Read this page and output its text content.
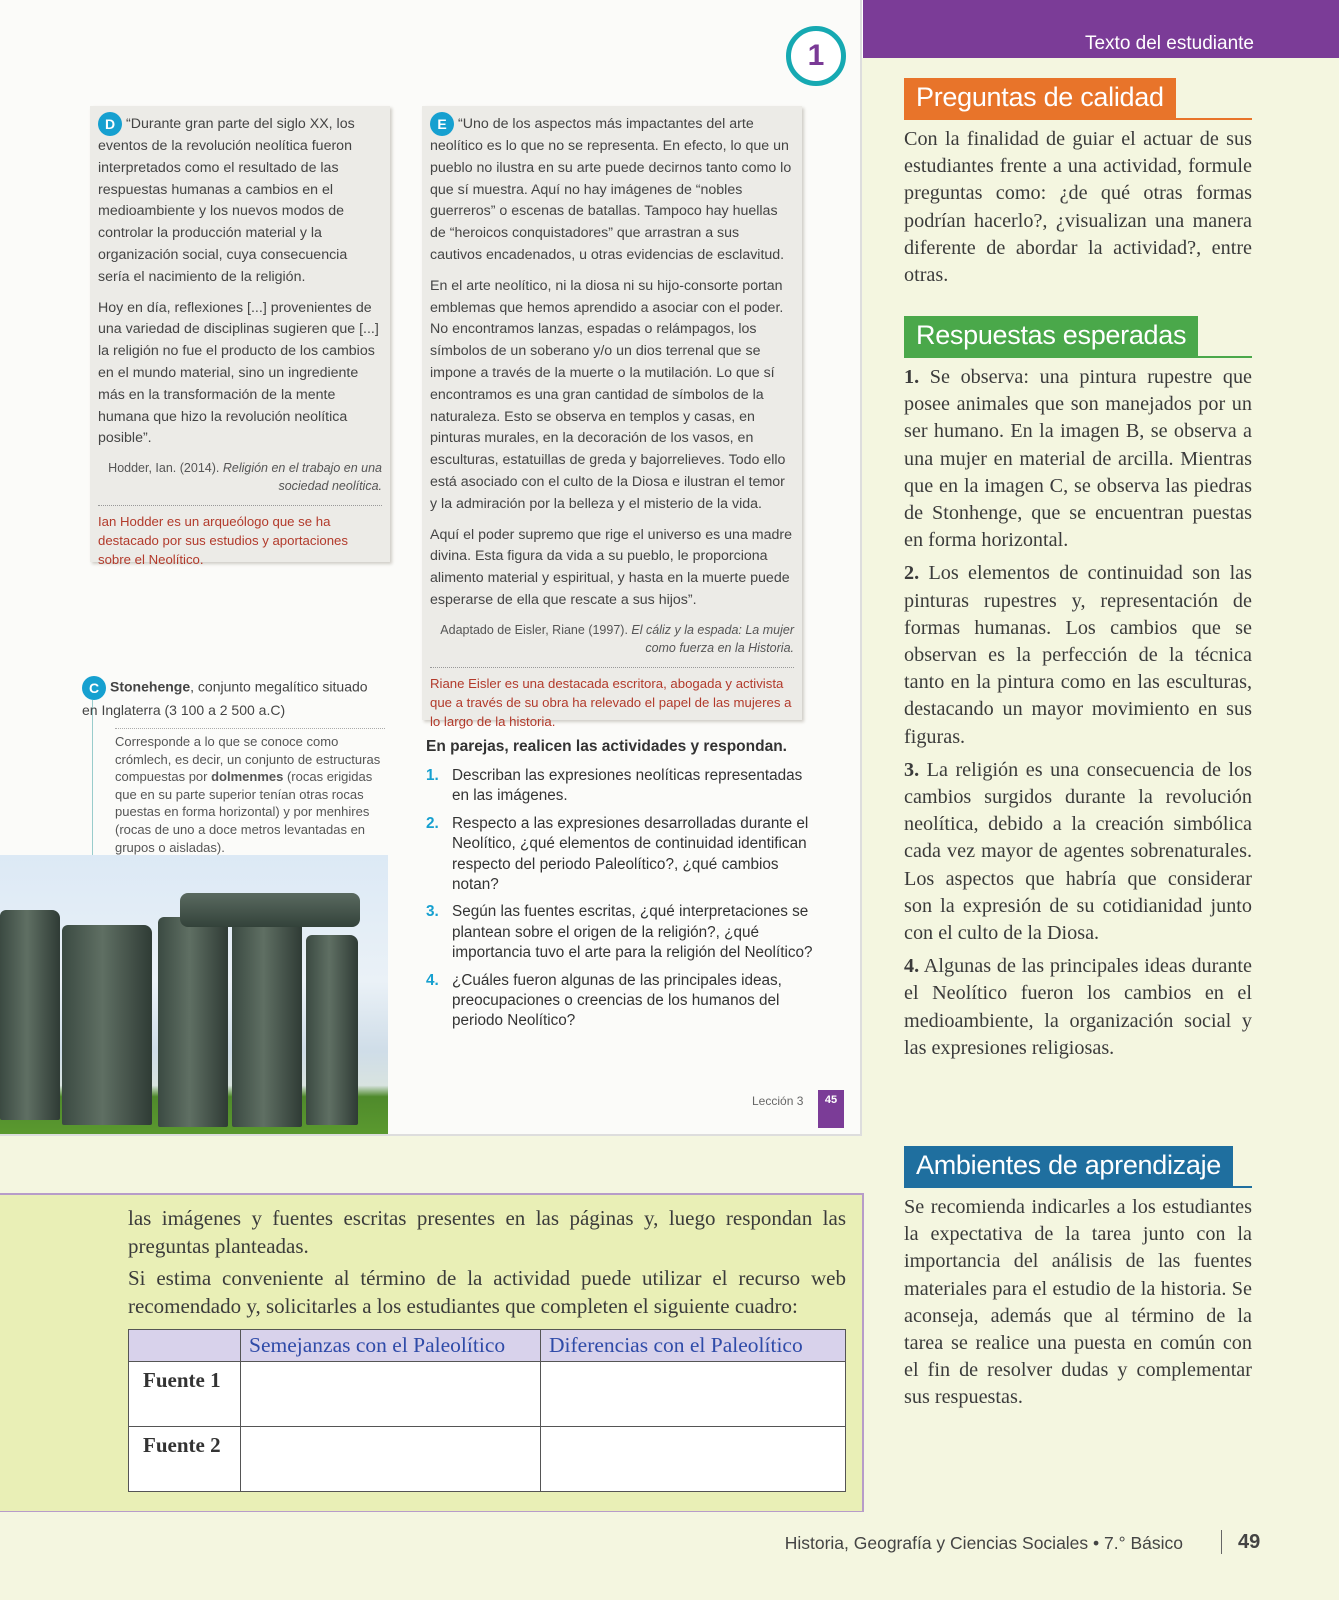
1

D “Durante gran parte del siglo XX, los eventos de la revolución neolítica fueron interpretados como el resultado de las respuestas humanas a cambios en el medioambiente y los nuevos modos de controlar la producción material y la organización social, cuya consecuencia sería el nacimiento de la religión.

Hoy en día, reflexiones [...] provenientes de una variedad de disciplinas sugieren que [...] la religión no fue el producto de los cambios en el mundo material, sino un ingrediente más en la transformación de la mente humana que hizo la revolución neolítica posible”.

Hodder, Ian. (2014). Religión en el trabajo en una sociedad neolítica.
Ian Hodder es un arqueólogo que se ha destacado por sus estudios y aportaciones sobre el Neolítico.

E “Uno de los aspectos más impactantes del arte neolítico es lo que no se representa. En efecto, lo que un pueblo no ilustra en su arte puede decirnos tanto como lo que sí muestra. Aquí no hay imágenes de “nobles guerreros” o escenas de batallas. Tampoco hay huellas de “heroicos conquistadores” que arrastran a sus cautivos encadenados, u otras evidencias de esclavitud.

En el arte neolítico, ni la diosa ni su hijo-consorte portan emblemas que hemos aprendido a asociar con el poder. No encontramos lanzas, espadas o relámpagos, los símbolos de un soberano y/o un dios terrenal que se impone a través de la muerte o la mutilación. Lo que sí encontramos es una gran cantidad de símbolos de la naturaleza. Esto se observa en templos y casas, en pinturas murales, en la decoración de los vasos, en esculturas, estatuillas de greda y bajorrelieves. Todo ello está asociado con el culto de la Diosa e ilustran el temor y la admiración por la belleza y el misterio de la vida.

Aquí el poder supremo que rige el universo es una madre divina. Esta figura da vida a su pueblo, le proporciona alimento material y espiritual, y hasta en la muerte puede esperarse de ella que rescate a sus hijos”.

Adaptado de Eisler, Riane (1997). El cáliz y la espada: La mujer como fuerza en la Historia.
Riane Eisler es una destacada escritora, abogada y activista que a través de su obra ha relevado el papel de las mujeres a lo largo de la historia.
C Stonehenge, conjunto megalítico situado en Inglaterra (3 100 a 2 500 a.C)
Corresponde a lo que se conoce como crómlech, es decir, un conjunto de estructuras compuestas por dolmenmes (rocas erigidas que en su parte superior tenían otras rocas puestas en forma horizontal) y por menhires (rocas de uno a doce metros levantadas en grupos o aisladas).
En parejas, realicen las actividades y respondan.
1. Describan las expresiones neolíticas representadas en las imágenes.
2. Respecto a las expresiones desarrolladas durante el Neolítico, ¿qué elementos de continuidad identifican respecto del periodo Paleolítico?, ¿qué cambios notan?
3. Según las fuentes escritas, ¿qué interpretaciones se plantean sobre el origen de la religión?, ¿qué importancia tuvo el arte para la religión del Neolítico?
4. ¿Cuáles fueron algunas de las principales ideas, preocupaciones o creencias de los humanos del periodo Neolítico?
Lección 3	45
Texto del estudiante
Preguntas de calidad

Con la finalidad de guiar el actuar de sus estudiantes frente a una actividad, formule preguntas como: ¿de qué otras formas podrían hacerlo?, ¿visualizan una manera diferente de abordar la actividad?, entre otras.

Respuestas esperadas

1. Se observa: una pintura rupestre que posee animales que son manejados por un ser humano. En la imagen B, se observa a una mujer en material de arcilla. Mientras que en la imagen C, se observa las piedras de Stonhenge, que se encuentran puestas en forma horizontal.

2. Los elementos de continuidad son las pinturas rupestres y, representación de formas humanas. Los cambios que se observan es la perfección de la técnica tanto en la pintura como en las esculturas, destacando un mayor movimiento en sus figuras.

3. La religión es una consecuencia de los cambios surgidos durante la revolución neolítica, debido a la creación simbólica cada vez mayor de agentes sobrenaturales. Los aspectos que habría que considerar son la expresión de su cotidianidad junto con el culto de la Diosa.

4. Algunas de las principales ideas durante el Neolítico fueron los cambios en el medioambiente, la organización social y las expresiones religiosas.

Ambientes de aprendizaje

Se recomienda indicarles a los estudiantes la expectativa de la tarea junto con la importancia del análisis de las fuentes materiales para el estudio de la historia. Se aconseja, además que al término de la tarea se realice una puesta en común con el fin de resolver dudas y complementar sus respuestas.

las imágenes y fuentes escritas presentes en las páginas y, luego respondan las preguntas planteadas.

Si estima conveniente al término de la actividad puede utilizar el recurso web recomendado y, solicitarles a los estudiantes que completen el siguiente cuadro:

	Semejanzas con el Paleolítico	Diferencias con el Paleolítico
Fuente 1		
Fuente 2		
Historia, Geografía y Ciencias Sociales • 7.° Básico	49
